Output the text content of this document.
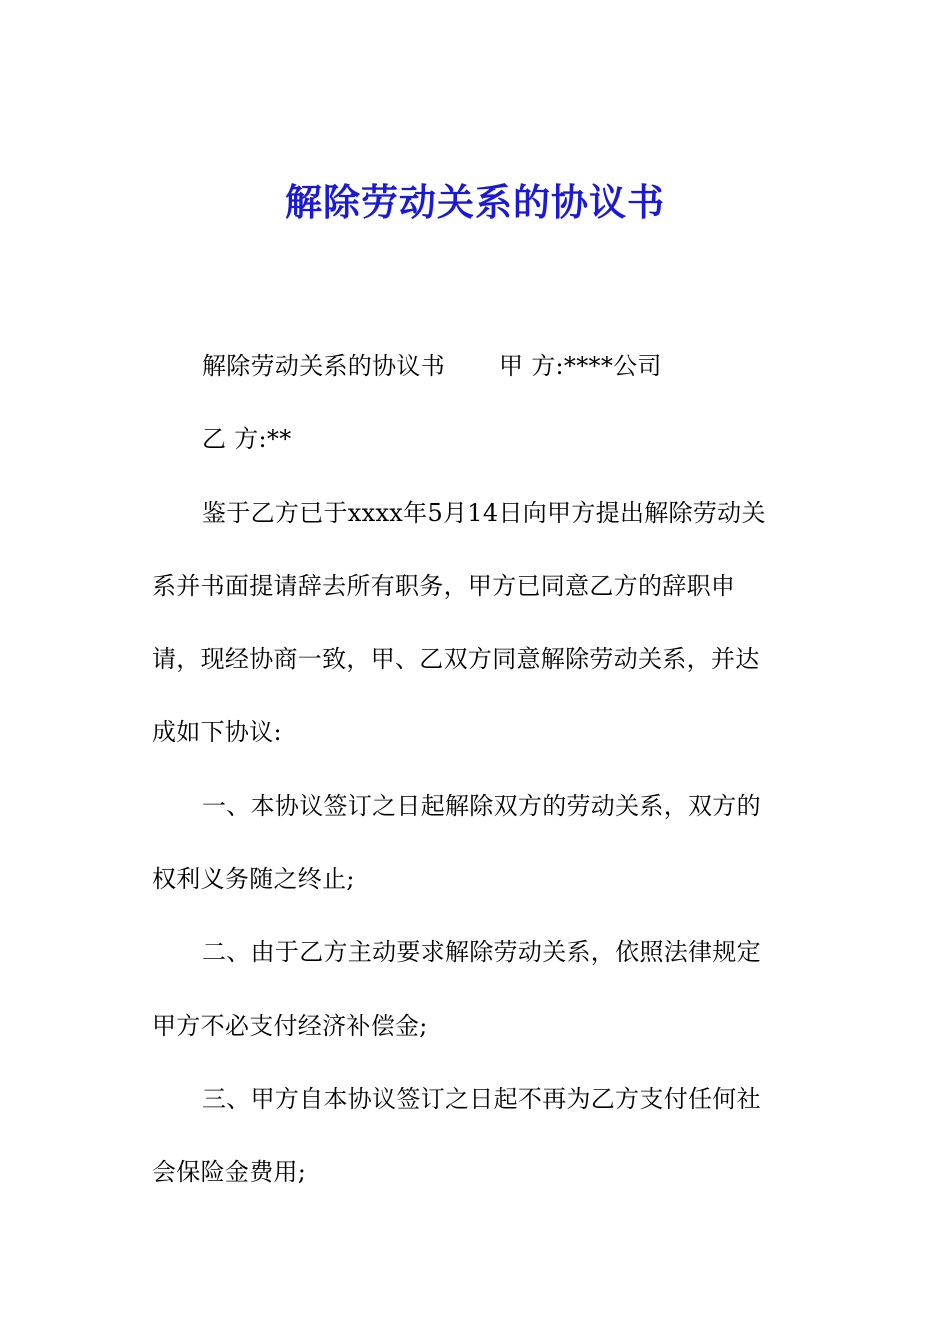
解除劳动关系的协议书

解除劳动关系的协议书 甲 方:****公司

乙 方:**

鉴于乙方已于xxxx年5月14日向甲方提出解除劳动关

系并书面提请辞去所有职务，甲方已同意乙方的辞职申

请，现经协商一致，甲、乙双方同意解除劳动关系，并达

成如下协议:

一、本协议签订之日起解除双方的劳动关系，双方的

权利义务随之终止;

二、由于乙方主动要求解除劳动关系，依照法律规定

甲方不必支付经济补偿金;

三、甲方自本协议签订之日起不再为乙方支付任何社

会保险金费用;
